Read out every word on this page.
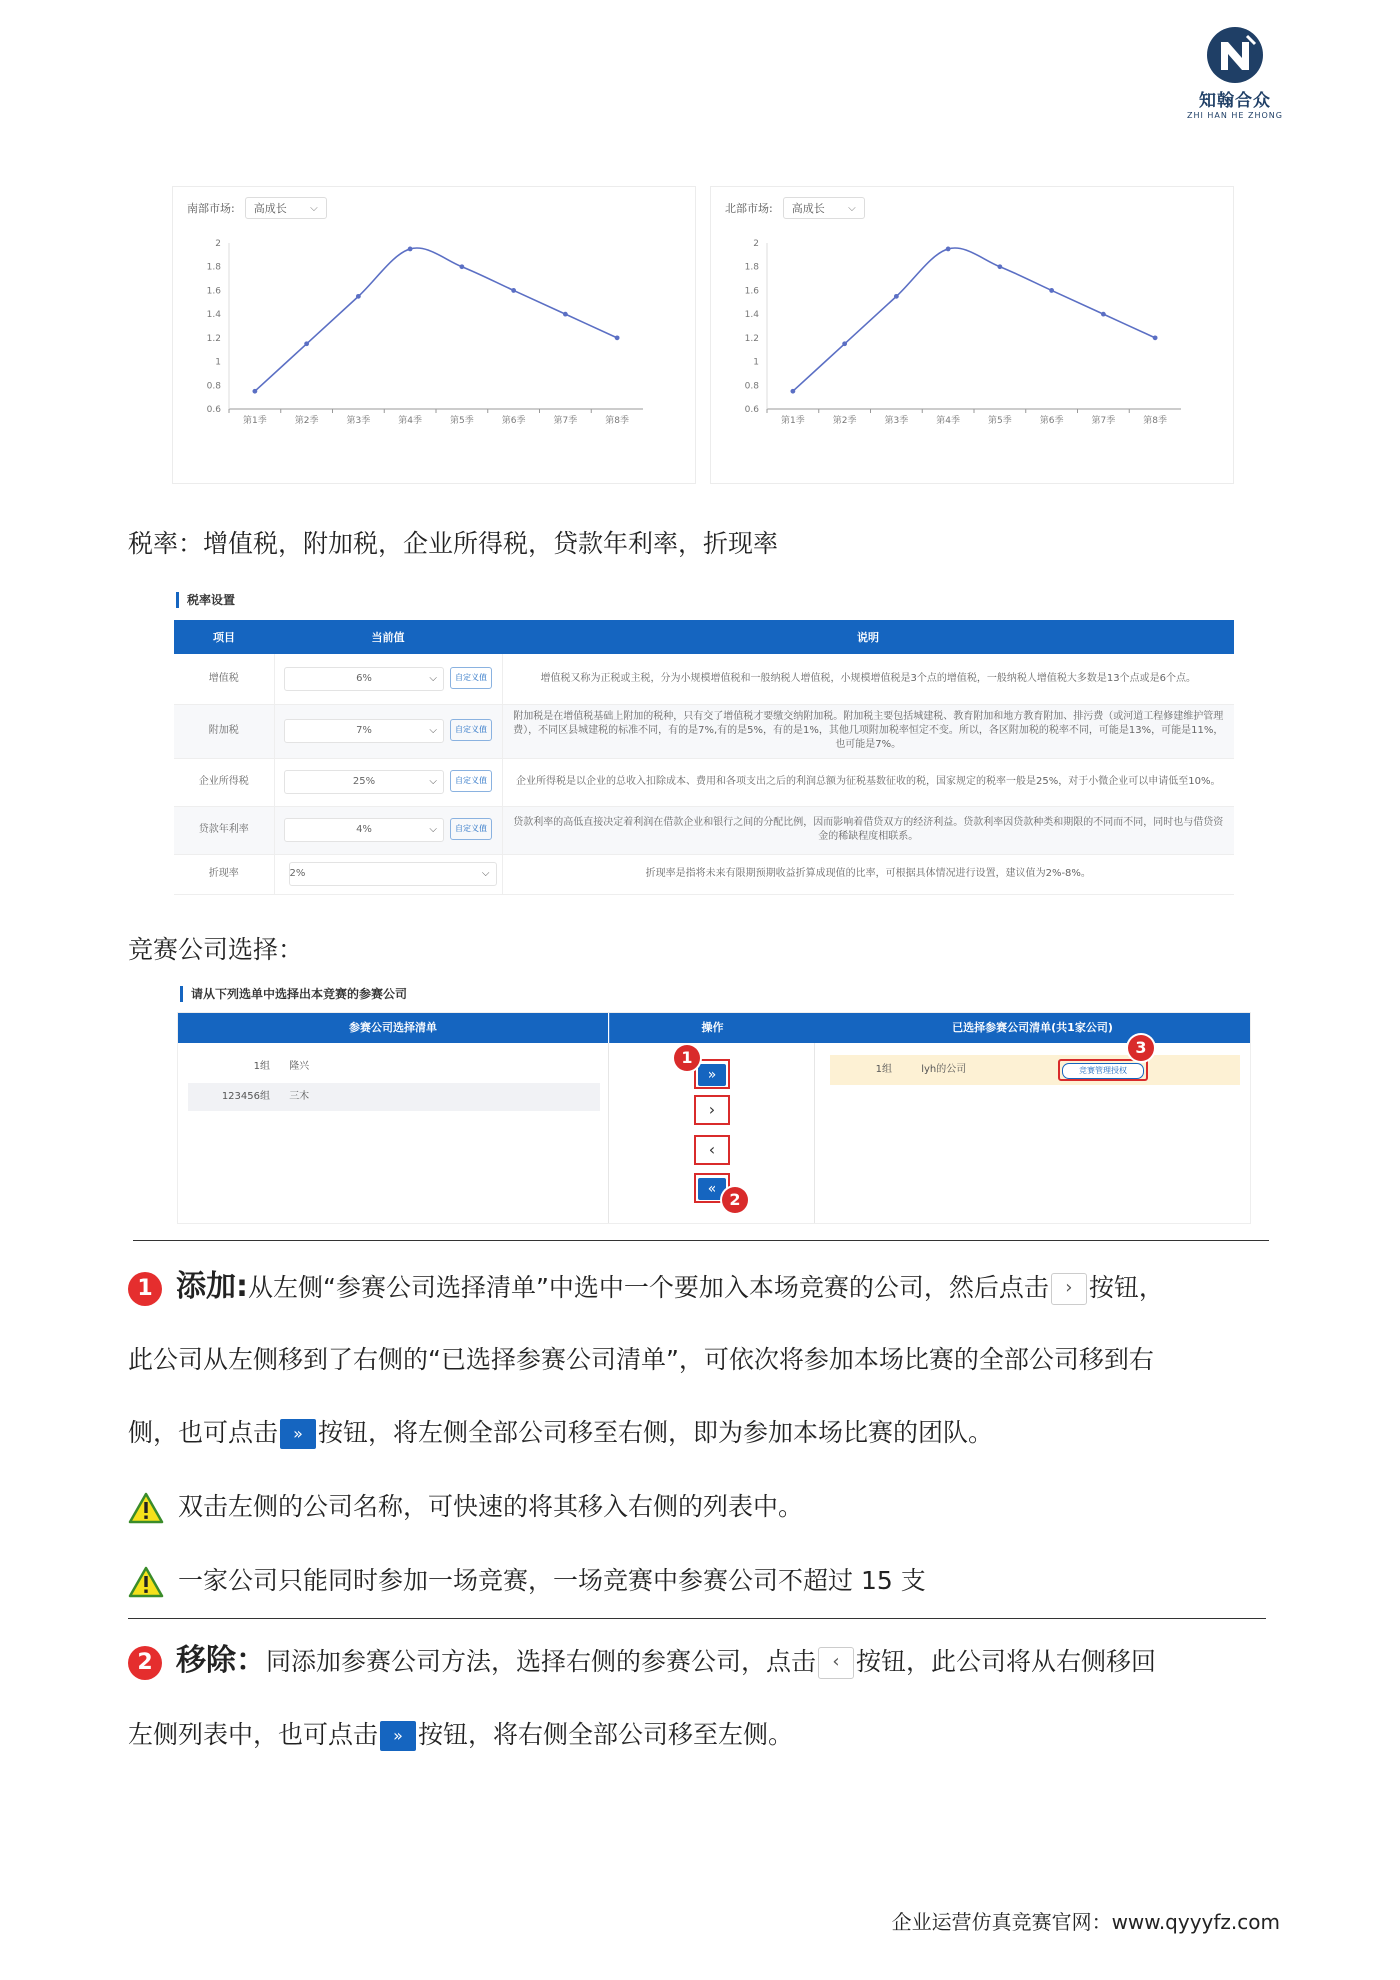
知翰合众
ZHI HAN HE ZHONG
南部市场:	高成长 ⌵
2
1.8
1.6
1.4
1.2
1
0.8
0.6
第1季	第2季	第3季	第4季	第5季	第6季	第7季	第8季
北部市场:	高成长 ⌵
2
1.8
1.6
1.4
1.2
1
0.8
0.6
第1季	第2季	第3季	第4季	第5季	第6季	第7季	第8季
税率：增值税，附加税，企业所得税，贷款年利率，折现率
税率设置
项目	当前值	说明
增值税	6% ⌵ 自定义值	增值税又称为正税或主税，分为小规模增值税和一般纳税人增值税，小规模增值税是3个点的增值税，一般纳税人增值税大多数是13个点或是6个点。
附加税	7% ⌵ 自定义值	附加税是在增值税基础上附加的税种，只有交了增值税才要缴交纳附加税。附加税主要包括城建税、教育附加和地方教育附加、排污费（或河道工程修建维护管理费），不同区县城建税的标准不同，有的是7%,有的是5%，有的是1%，其他几项附加税率恒定不变。所以，各区附加税的税率不同，可能是13%，可能是11%，也可能是7%。
企业所得税	25% ⌵ 自定义值	企业所得税是以企业的总收入扣除成本、费用和各项支出之后的利润总额为征税基数征收的税，国家规定的税率一般是25%，对于小微企业可以申请低至10%。
贷款年利率	4% ⌵ 自定义值	贷款利率的高低直接决定着利润在借款企业和银行之间的分配比例，因而影响着借贷双方的经济利益。贷款利率因贷款种类和期限的不同而不同，同时也与借贷资金的稀缺程度相联系。
折现率	2% ⌵	折现率是指将未来有限期预期收益折算成现值的比率，可根据具体情况进行设置，建议值为2%-8%。
竞赛公司选择：
请从下列选单中选择出本竞赛的参赛公司
参赛公司选择清单	操作	已选择参赛公司清单(共1家公司)
1组 隆兴
123456组 三木
»
›
‹
«
1
2
1组	lyh的公司	竞赛管理授权
3
1 添加:从左侧“参赛公司选择清单”中选中一个要加入本场竞赛的公司，然后点击 › 按钮，
此公司从左侧移到了右侧的“已选择参赛公司清单”，可依次将参加本场比赛的全部公司移到右
侧，也可点击 » 按钮，将左侧全部公司移至右侧，即为参加本场比赛的团队。
双击左侧的公司名称，可快速的将其移入右侧的列表中。
一家公司只能同时参加一场竞赛，一场竞赛中参赛公司不超过 15 支
2 移除：同添加参赛公司方法，选择右侧的参赛公司，点击 ‹ 按钮，此公司将从右侧移回
左侧列表中，也可点击 » 按钮，将右侧全部公司移至左侧。
企业运营仿真竞赛官网：www.qyyyfz.com
